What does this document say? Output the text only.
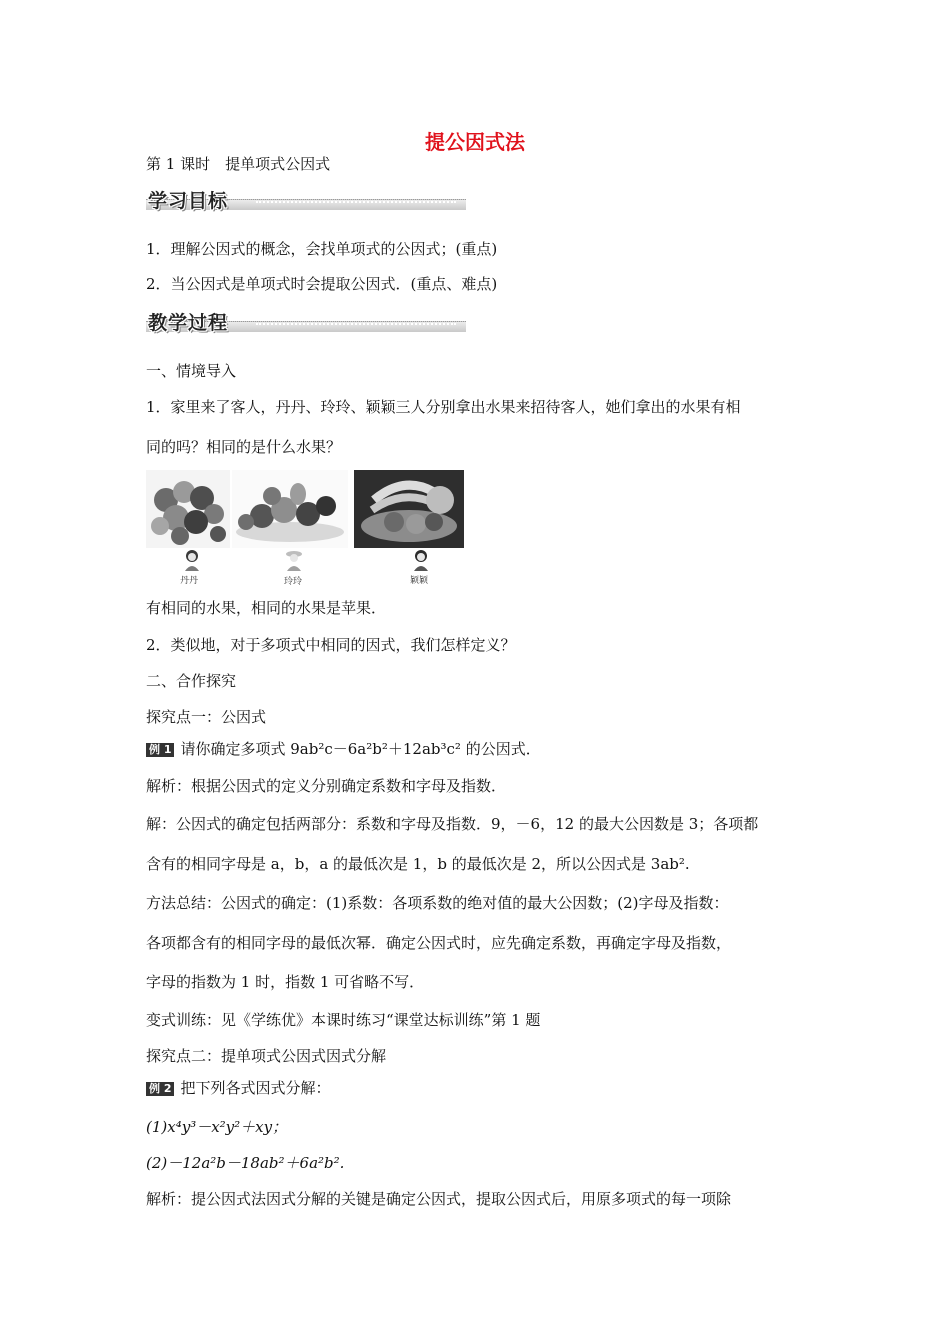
提公因式法
第 1 课时　提单项式公因式
学习目标
1．理解公因式的概念，会找单项式的公因式；(重点)
2．当公因式是单项式时会提取公因式．(重点、难点)
教学过程
一、情境导入
1．家里来了客人，丹丹、玲玲、颖颖三人分别拿出水果来招待客人，她们拿出的水果有相
同的吗？相同的是什么水果？
丹丹	玲玲	颖颖
有相同的水果，相同的水果是苹果．
2．类似地，对于多项式中相同的因式，我们怎样定义？
二、合作探究
探究点一：公因式
例 1 请你确定多项式 9ab²c－6a²b²＋12ab³c² 的公因式．
解析：根据公因式的定义分别确定系数和字母及指数．
解：公因式的确定包括两部分：系数和字母及指数．9，－6，12 的最大公因数是 3；各项都
含有的相同字母是 a，b，a 的最低次是 1，b 的最低次是 2，所以公因式是 3ab².
方法总结：公因式的确定：(1)系数：各项系数的绝对值的最大公因数；(2)字母及指数：
各项都含有的相同字母的最低次幂．确定公因式时，应先确定系数，再确定字母及指数，
字母的指数为 1 时，指数 1 可省略不写．
变式训练：见《学练优》本课时练习“课堂达标训练”第 1 题
探究点二：提单项式公因式因式分解
例 2 把下列各式因式分解：
(1)x⁴y³－x²y²＋xy；
(2)－12a²b－18ab²＋6a²b².
解析：提公因式法因式分解的关键是确定公因式，提取公因式后，用原多项式的每一项除
